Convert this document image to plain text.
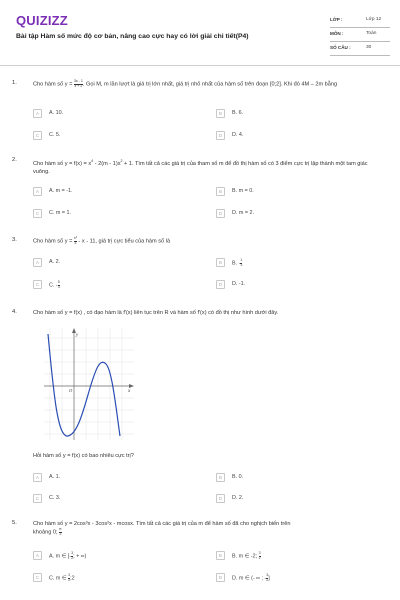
QUIZIZZ
Bài tập Hàm số mức độ cơ bản, nâng cao cực hay có lời giải chi tiết(P4)
LỚP :	Lớp 12
MÔN :	Toán
SỐ CÂU :	30
1.	Cho hàm số $y = \frac{3x - 1}{x + 2}$ . Gọi M, m lần lượt là giá trị lớn nhất, giá trị nhỏ nhất của hàm số trên đoạn [0;2]. Khi đó 4M – 2m bằng
A	A. 10.	B	B. 6.
C	C. 5.	D	D. 4.
2.
Cho hàm số $y = f(x) = x^4 - 2(m - 1)x^2 + 1$. Tìm tất cả các giá trị của tham số m để đồ thị hàm số có 3 điểm cực trị lập thành một tam giác vuông.
A	A. m = -1.	B	B. m = 0.
C	C. m = 1.	D	D. m = 2.
3.	Cho hàm số $y = \frac{\text{x³}}{3} - x - 11$, giá trị cực tiểu của hàm số là
A	A. 2.	B	B. - $\frac{1}{3}$
C	C. - $\frac{5}{3}$	D	D. -1.
4.	Cho hàm số y = f(x) , có đạo hàm là f'(x) liên tục trên R và hàm số f'(x) có đồ thị như hình dưới đây.
y
x
O
Hỏi hàm số y = f(x) có bao nhiêu cực trị?
A	A. 1.	B	B. 0.
C	C. 3.	D	D. 2.
5.	Cho hàm số y = 2cos³x - 3cos²x - mcosx. Tìm tất cả các giá trị của m để hàm số đã cho nghịch biến trên
khoảng 0; $\frac{\pi}{2}$
A	A. m ∈ [- $\frac{3}{2}$ ; + ∞)	B	B. m ∈ -2; $\frac{3}{2}$
C	C. m ∈ $\frac{3}{2}$ ;2	D	D. m ∈ (- ∞ ; - $\frac{3}{2}$ ]
